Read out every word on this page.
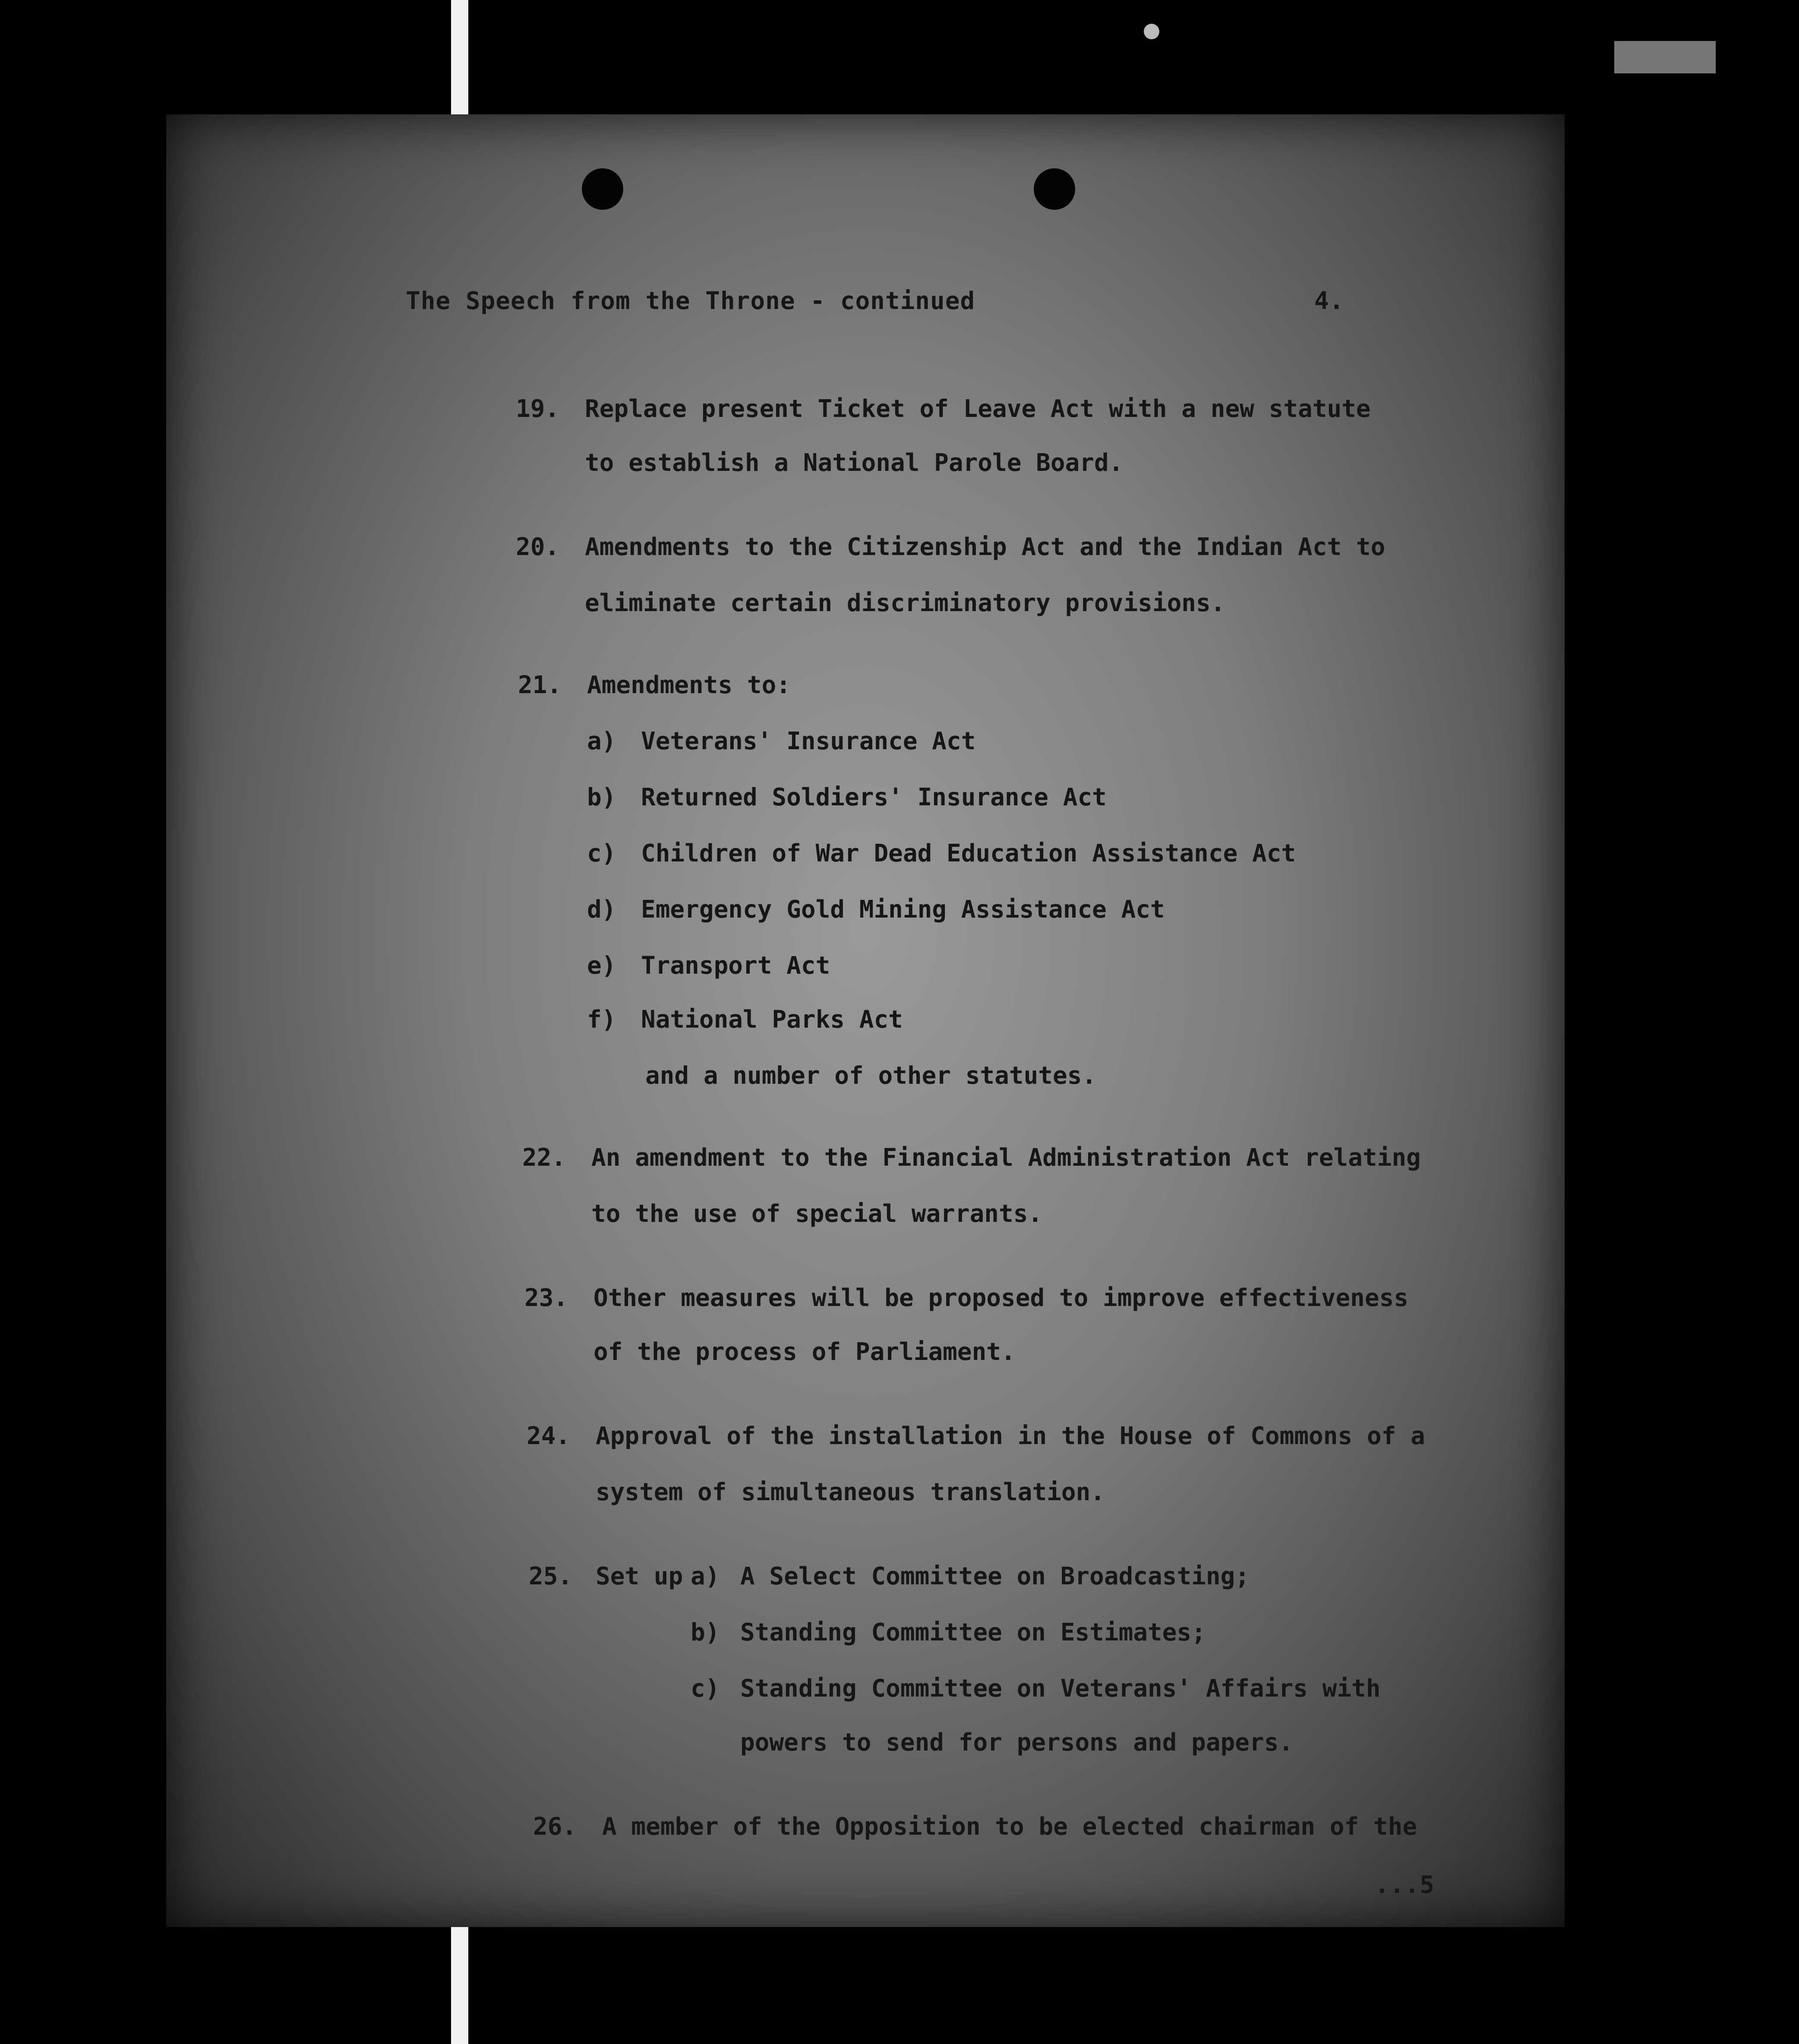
The Speech from the Throne - continued	4.
19. Replace present Ticket of Leave Act with a new statute
to establish a National Parole Board.
20. Amendments to the Citizenship Act and the Indian Act to
eliminate certain discriminatory provisions.
21. Amendments to:
a) Veterans' Insurance Act
b) Returned Soldiers' Insurance Act
c) Children of War Dead Education Assistance Act
d) Emergency Gold Mining Assistance Act
e) Transport Act
f) National Parks Act
and a number of other statutes.
22. An amendment to the Financial Administration Act relating
to the use of special warrants.
23. Other measures will be proposed to improve effectiveness
of the process of Parliament.
24. Approval of the installation in the House of Commons of a
system of simultaneous translation.
25. Set up a) A Select Committee on Broadcasting;
b) Standing Committee on Estimates;
c) Standing Committee on Veterans' Affairs with
powers to send for persons and papers.
26. A member of the Opposition to be elected chairman of the
...5
